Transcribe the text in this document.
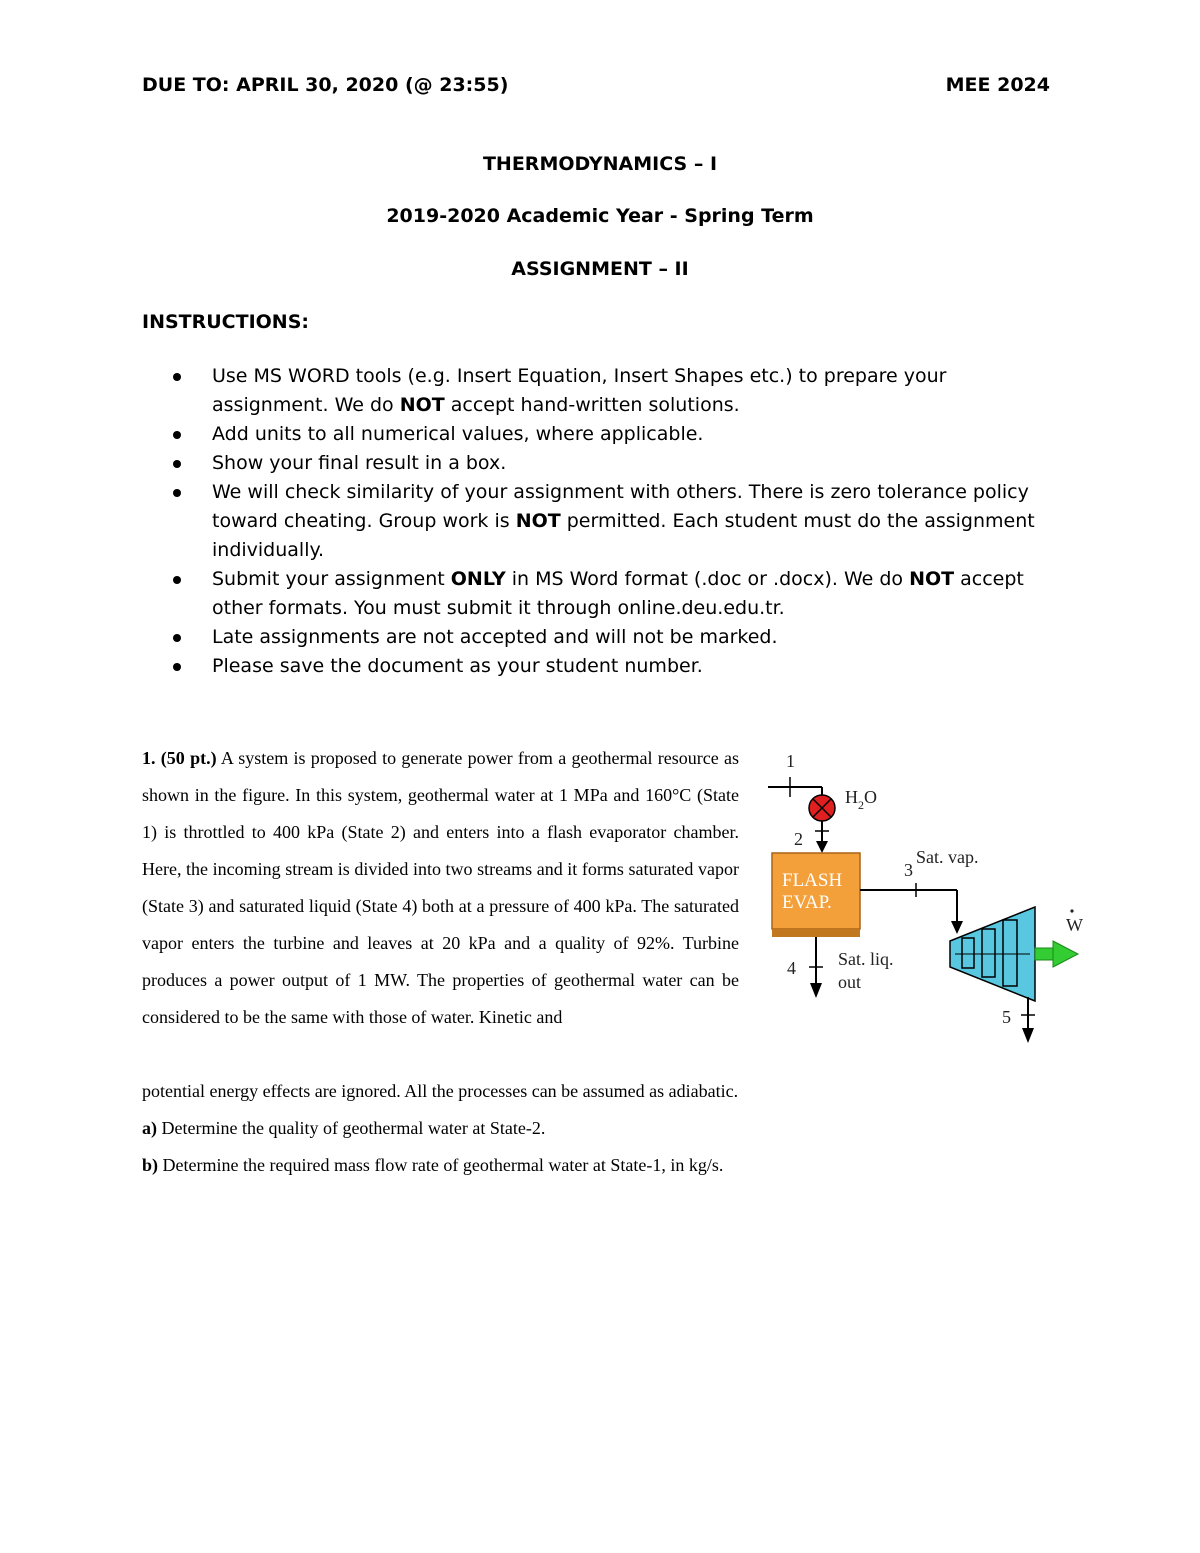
DUE TO: APRIL 30, 2020 (@ 23:55)	MEE 2024
THERMODYNAMICS – I
2019-2020 Academic Year - Spring Term
ASSIGNMENT – II
INSTRUCTIONS:
Use MS WORD tools (e.g. Insert Equation, Insert Shapes etc.) to prepare your assignment. We do NOT accept hand-written solutions.
Add units to all numerical values, where applicable.
Show your final result in a box.
We will check similarity of your assignment with others. There is zero tolerance policy toward cheating. Group work is NOT permitted. Each student must do the assignment individually.
Submit your assignment ONLY in MS Word format (.doc or .docx). We do NOT accept other formats. You must submit it through online.deu.edu.tr.
Late assignments are not accepted and will not be marked.
Please save the document as your student number.
1. (50 pt.) A system is proposed to generate power from a geothermal resource as shown in the figure. In this system, geothermal water at 1 MPa and 160°C (State 1) is throttled to 400 kPa (State 2) and enters into a flash evaporator chamber. Here, the incoming stream is divided into two streams and it forms saturated vapor (State 3) and saturated liquid (State 4) both at a pressure of 400 kPa. The saturated vapor enters the turbine and leaves at 20 kPa and a quality of 92%. Turbine produces a power output of 1 MW. The properties of geothermal water can be considered to be the same with those of water. Kinetic and
potential energy effects are ignored. All the processes can be assumed as adiabatic.
a) Determine the quality of geothermal water at State-2.
b) Determine the required mass flow rate of geothermal water at State-1, in kg/s.
1
$H_2O$
2
FLASH
EVAP.
3
Sat. vap.
4 Sat. liq.
out
W
5
